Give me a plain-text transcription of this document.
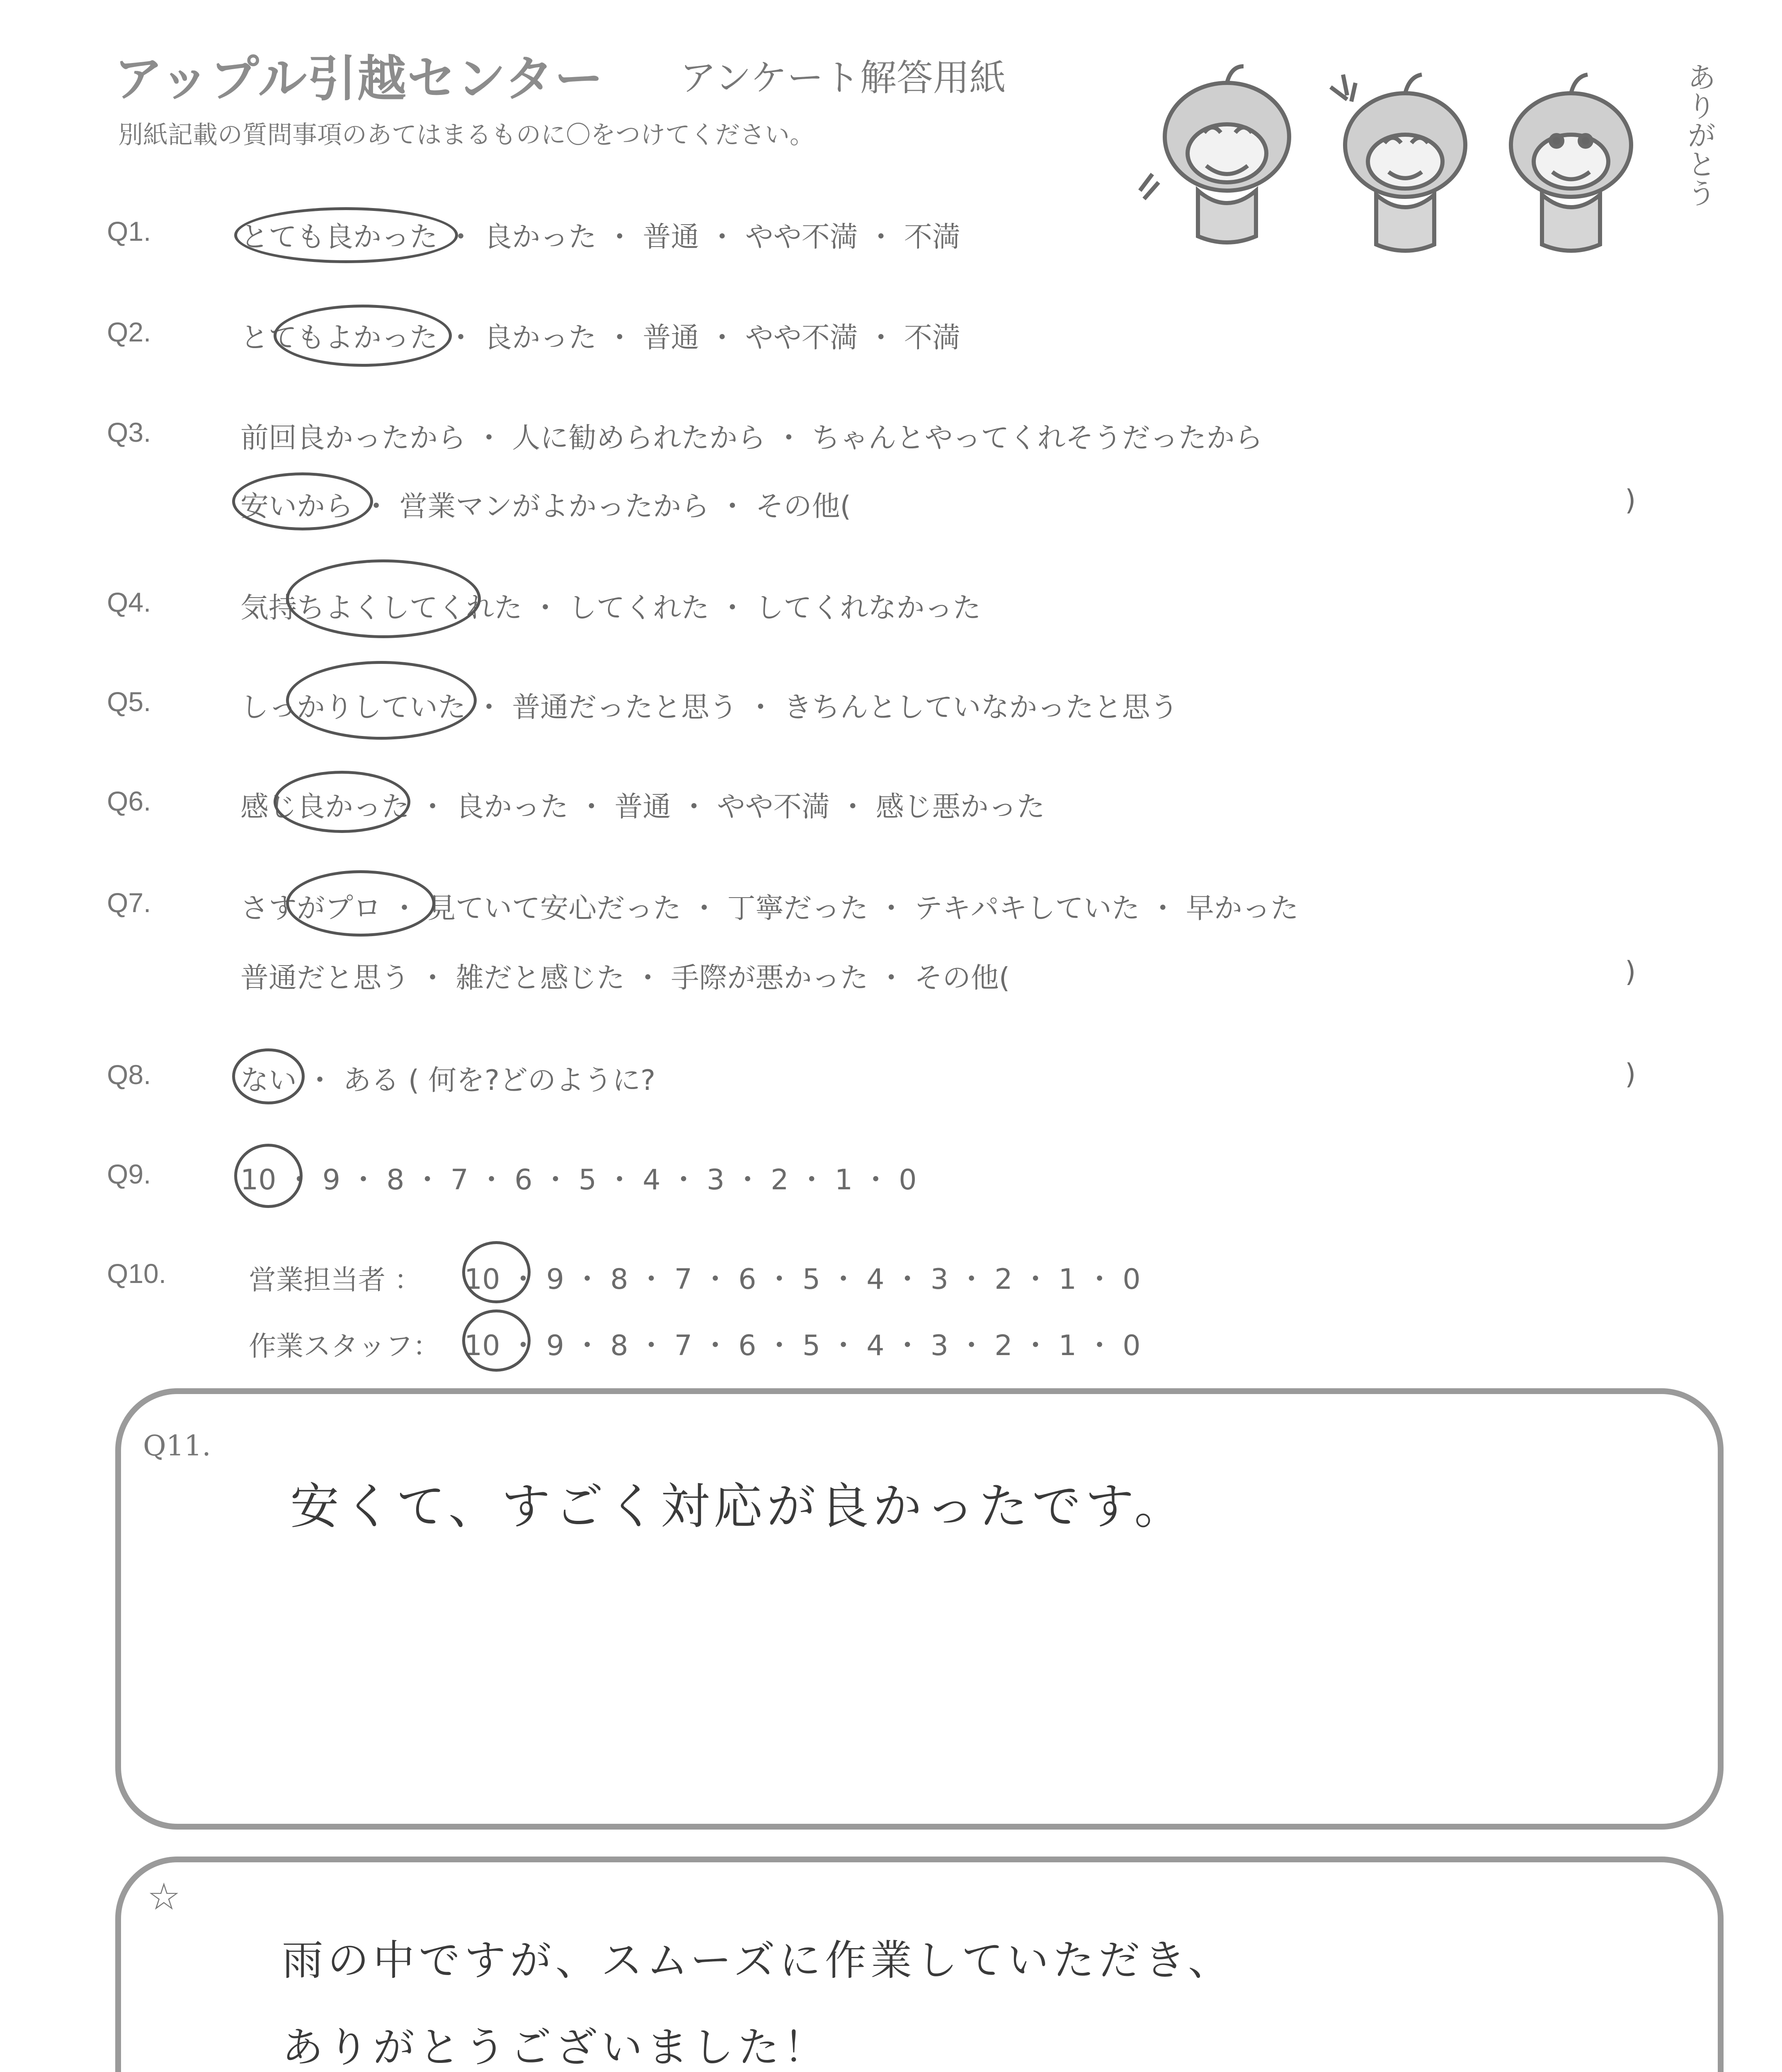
アップル引越センター アンケート解答用紙
別紙記載の質問事項のあてはまるものに〇をつけてください。	ありがとう
Q1.	とても良かった ・ 良かった ・ 普通 ・ やや不満 ・ 不満
Q2.	とてもよかった ・ 良かった ・ 普通 ・ やや不満 ・ 不満
Q3.	前回良かったから ・ 人に勧められたから ・ ちゃんとやってくれそうだったから
安いから ・ 営業マンがよかったから ・ その他(	)
Q4.	気持ちよくしてくれた ・ してくれた ・ してくれなかった
Q5.	しっかりしていた ・ 普通だったと思う ・ きちんとしていなかったと思う
Q6.	感じ良かった ・ 良かった ・ 普通 ・ やや不満 ・ 感じ悪かった
Q7.	さすがプロ ・ 見ていて安心だった ・ 丁寧だった ・ テキパキしていた ・ 早かった
普通だと思う ・ 雑だと感じた ・ 手際が悪かった ・ その他(	)
Q8.	ない ・ ある ( 何を?どのように?	)
Q9.	10 ・ 9 ・ 8 ・ 7 ・ 6 ・ 5 ・ 4 ・ 3 ・ 2 ・ 1 ・ 0
Q10.	営業担当者 ： 10 ・ 9 ・ 8 ・ 7 ・ 6 ・ 5 ・ 4 ・ 3 ・ 2 ・ 1 ・ 0
作業スタッフ： 10 ・ 9 ・ 8 ・ 7 ・ 6 ・ 5 ・ 4 ・ 3 ・ 2 ・ 1 ・ 0
Q11.
安くて、すごく対応が良かったです。
☆
雨の中ですが、スムーズに作業していただき、
ありがとうございました！
